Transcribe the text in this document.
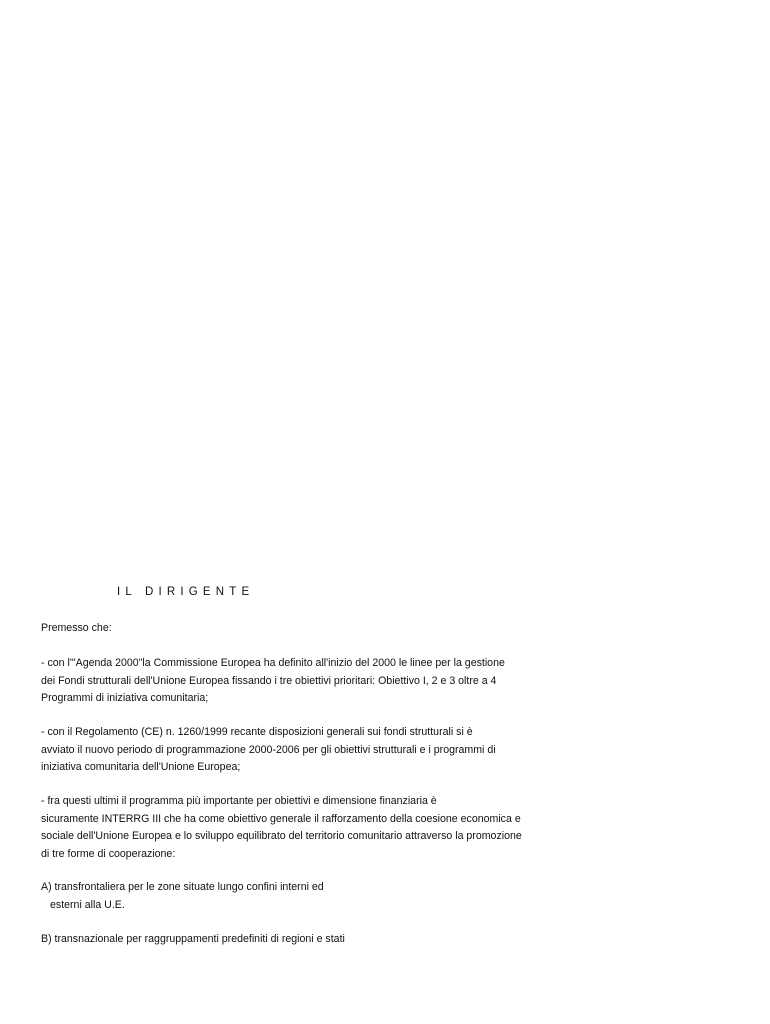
IL DIRIGENTE
Premesso che:
- con l'"Agenda 2000"la Commissione Europea ha definito all'inizio del 2000 le linee per la gestione
dei Fondi strutturali dell'Unione Europea fissando i tre obiettivi prioritari: Obiettivo I, 2 e 3 oltre a 4
Programmi di iniziativa comunitaria;
- con il Regolamento (CE) n. 1260/1999 recante disposizioni generali sui fondi strutturali si è
avviato il nuovo periodo di programmazione 2000-2006 per gli obiettivi strutturali e i programmi di
iniziativa comunitaria dell'Unione Europea;
- fra questi ultimi il programma più importante per obiettivi e dimensione finanziaria è
sicuramente INTERRG III che ha come obiettivo generale il rafforzamento della coesione economica e
sociale dell'Unione Europea e lo sviluppo equilibrato del territorio comunitario attraverso la promozione
di tre forme di cooperazione:
A) transfrontaliera per le zone situate lungo confini interni ed
esterni alla U.E.
B) transnazionale per raggruppamenti predefiniti di regioni e stati
